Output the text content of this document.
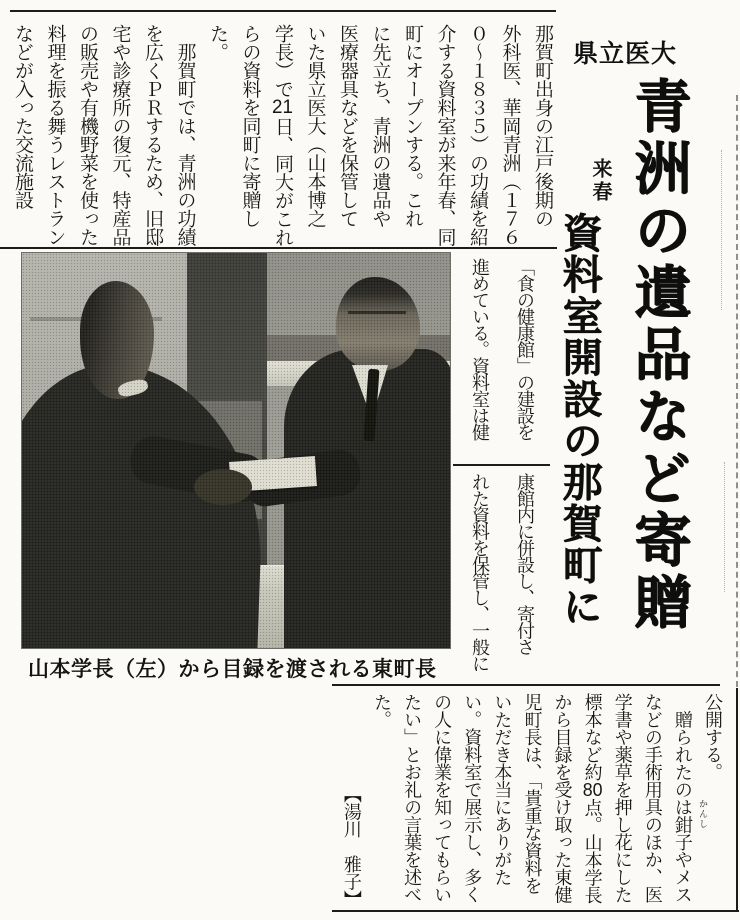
那賀町出身の江戸後期の
外科医、華岡青洲（１７６
０～１８３５）の功績を紹
介する資料室が来年春、同
町にオープンする。これ
に先立ち、青洲の遺品や
医療器具などを保管して
いた県立医大（山本博之
学長）で21日、同大がこれ
らの資料を同町に寄贈し
た。
　那賀町では、青洲の功績
を広くＰＲするため、旧邸
宅や診療所の復元、特産品
の販売や有機野菜を使った
料理を振る舞うレストラン
などが入った交流施設	県立医大
青洲の遺品など寄贈
来春
資料室開設の那賀町に
「食の健康館」の建設を
進めている。資料室は健
康館内に併設し、寄付さ
れた資料を保管し、一般に
山本学長（左）から目録を渡される東町長
公開する。
　贈られたのは鉗子やメス
などの手術用具のほか、医
学書や薬草を押し花にした
標本など約80点。山本学長
から目録を受け取った東健
児町長は、「貴重な資料を
いただき本当にありがた
い。資料室で展示し、多く
の人に偉業を知ってもらい
たい」とお礼の言葉を述べ
た。
【湯川　雅子】	かんし
